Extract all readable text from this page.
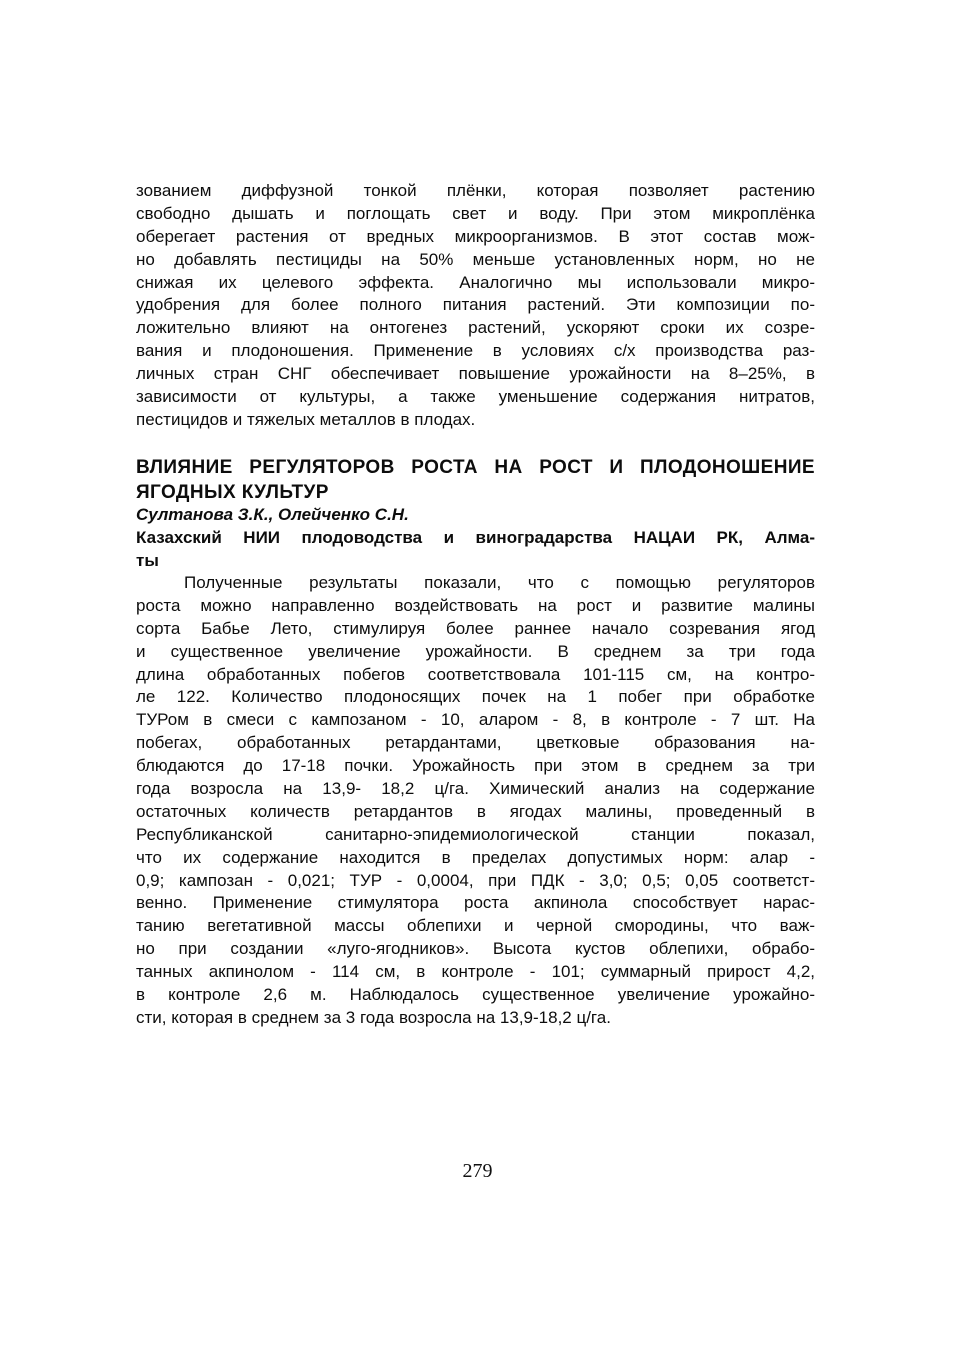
зованием диффузной тонкой плёнки, которая позволяет растению
свободно дышать и поглощать свет и воду. При этом микроплёнка
оберегает растения от вредных микроорганизмов. В этот состав мож-
но добавлять пестициды на 50% меньше установленных норм, но не
снижая их целевого эффекта. Аналогично мы использовали микро-
удобрения для более полного питания растений. Эти композиции по-
ложительно влияют на онтогенез растений, ускоряют сроки их созре-
вания и плодоношения. Применение в условиях с/х производства раз-
личных стран СНГ обеспечивает повышение урожайности на 8–25%, в
зависимости от культуры, а также уменьшение содержания нитратов,
пестицидов и тяжелых металлов в плодах.
ВЛИЯНИЕ РЕГУЛЯТОРОВ РОСТА НА РОСТ И ПЛОДОНОШЕНИЕ
ЯГОДНЫХ КУЛЬТУР
Султанова З.К., Олейченко С.Н.
Казахский НИИ плодоводства и виноградарства НАЦАИ РК, Алма-
ты
Полученные результаты показали, что с помощью регуляторов
роста можно направленно воздействовать на рост и развитие малины
сорта Бабье Лето, стимулируя более раннее начало созревания ягод
и существенное увеличение урожайности. В среднем за три года
длина обработанных побегов соответствовала 101-115 см, на контро-
ле 122. Количество плодоносящих почек на 1 побег при обработке
ТУРом в смеси с кампозаном - 10, аларом - 8, в контроле - 7 шт. На
побегах, обработанных ретардантами, цветковые образования на-
блюдаются до 17-18 почки. Урожайность при этом в среднем за три
года возросла на 13,9- 18,2 ц/га. Химический анализ на содержание
остаточных количеств ретардантов в ягодах малины, проведенный в
Республиканской санитарно-эпидемиологической станции показал,
что их содержание находится в пределах допустимых норм: алар -
0,9; кампозан - 0,021; ТУР - 0,0004, при ПДК - 3,0; 0,5; 0,05 соответст-
венно. Применение стимулятора роста акпинола способствует нарас-
танию вегетативной массы облепихи и черной смородины, что важ-
но при создании «луго-ягодников». Высота кустов облепихи, обрабо-
танных акпинолом - 114 см, в контроле - 101; суммарный прирост 4,2,
в контроле 2,6 м. Наблюдалось существенное увеличение урожайно-
сти, которая в среднем за 3 года возросла на 13,9-18,2 ц/га.
279
